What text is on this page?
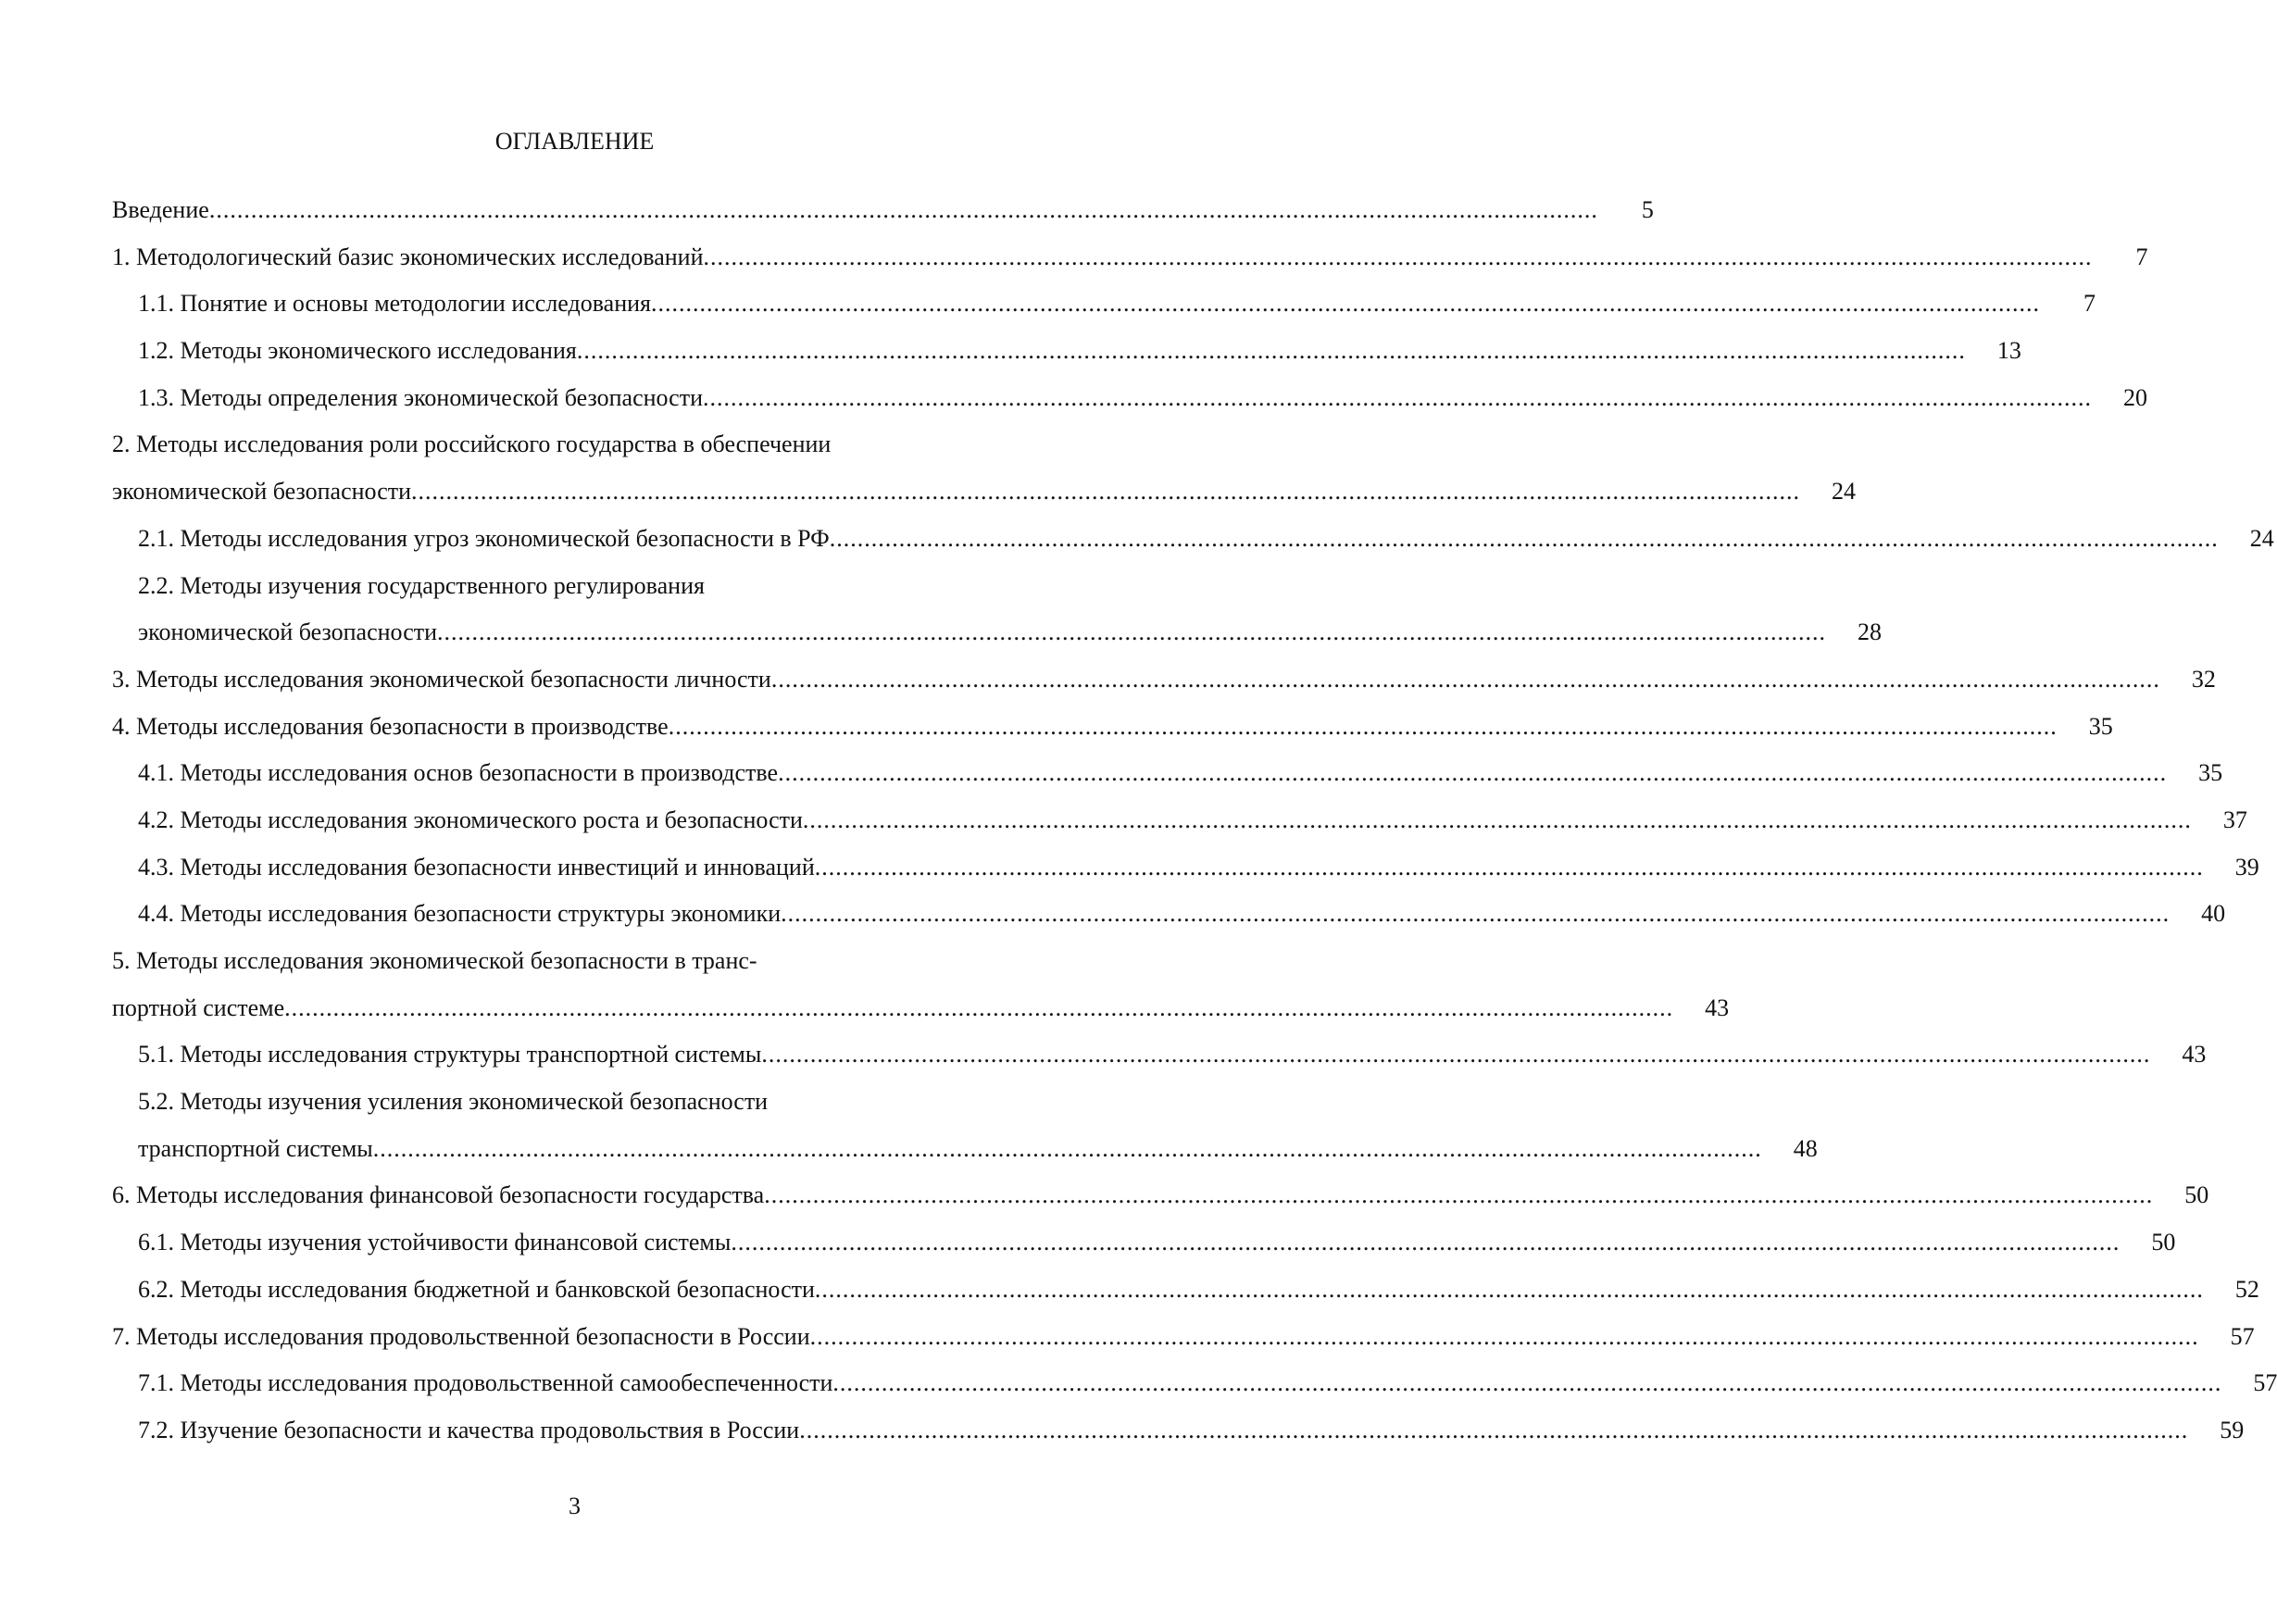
ОГЛАВЛЕНИЕ
Введение ........................................................................................................................................................................................................	5
1. Методологический базис экономических исследований ........................................................................................................................................................................................................	7
1.1. Понятие и основы методологии исследования ........................................................................................................................................................................................................	7
1.2. Методы экономического исследования ........................................................................................................................................................................................................	13
1.3. Методы определения экономической безопасности ........................................................................................................................................................................................................	20
2. Методы исследования роли российского государства в обеспечении
экономической безопасности ........................................................................................................................................................................................................	24
2.1. Методы исследования угроз экономической безопасности в РФ ........................................................................................................................................................................................................	24
2.2. Методы изучения государственного регулирования
экономической безопасности ........................................................................................................................................................................................................	28
3. Методы исследования экономической безопасности личности ........................................................................................................................................................................................................	32
4. Методы исследования безопасности в производстве ........................................................................................................................................................................................................	35
4.1. Методы исследования основ безопасности в производстве ........................................................................................................................................................................................................	35
4.2. Методы исследования экономического роста и безопасности ........................................................................................................................................................................................................	37
4.3. Методы исследования безопасности инвестиций и инноваций ........................................................................................................................................................................................................	39
4.4. Методы исследования безопасности структуры экономики ........................................................................................................................................................................................................	40
5. Методы исследования экономической безопасности в транс-
портной системе ........................................................................................................................................................................................................	43
5.1. Методы исследования структуры транспортной системы ........................................................................................................................................................................................................	43
5.2. Методы изучения усиления экономической безопасности
транспортной системы ........................................................................................................................................................................................................	48
6. Методы исследования финансовой безопасности государства ........................................................................................................................................................................................................	50
6.1. Методы изучения устойчивости финансовой системы ........................................................................................................................................................................................................	50
6.2. Методы исследования бюджетной и банковской безопасности ........................................................................................................................................................................................................	52
7. Методы исследования продовольственной безопасности в России ........................................................................................................................................................................................................	57
7.1. Методы исследования продовольственной самообеспеченности ........................................................................................................................................................................................................	57
7.2. Изучение безопасности и качества продовольствия в России ........................................................................................................................................................................................................	59
3
